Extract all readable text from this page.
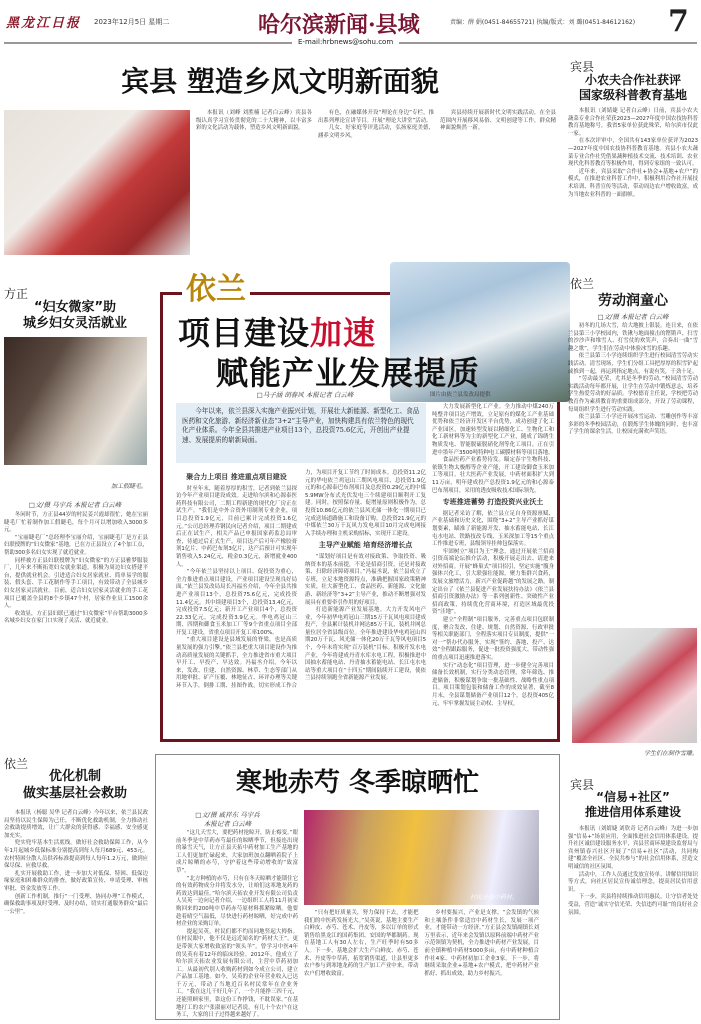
黑龙江日报 2023年12月5日 星期二	哈尔滨新闻·县域	责编：薛 娟(0451-84655721) 执编/版式：刘 璐(0451-84612162) 7
E-mail:hrbnews@sohu.com
宾县 塑造乡风文明新面貌

本报讯（刘峰 刘胜楠 记者白云峰）宾县各级认真学习宣传贯彻党的二十大精神，以丰富多彩的文化活动为载体，塑造乡风文明新面貌。

有色，在融媒体开设“理论在身边”专栏，推出系列理论宣讲节目。开展“理论大讲堂”活动。

几女、好家庭等评选活动，弘扬家庭美德，涵养文明乡风。

宾县持续开展新时代文明实践活动，在全县范围内开展移风易俗、文明创建等工作，群众精神面貌焕然一新。

方正
“妇女微家”助
城乡妇女灵活就业
加工假睫毛。
□文/摄 马宇兵 本报记者 白云峰

冬闲时节，方正县44岁的村民姜兴霞却很忙，她在宝丽睫毛厂忙着制作加工假睫毛，每个月可以增加收入3000多元。

“宝丽睫毛厂”总经理李宝丽介绍，宝丽睫毛厂是方正县妇联授牌的“妇女微家”基地，已在方正县设立了4个加工点，帮助300多名妇女实现了就近就业。

同样被方正县妇联授牌为“妇女微家”的方正县雅梦服装厂，几年来不断拓宽妇女就业渠道，积极为周边妇女搭建平台，提供就业机会。引进适合妇女居家就业、简单易学的服装、假头套、手工花制作等手工项目，有效带动了全县城乡妇女居家灵活就业。目前，适合妇女居家灵活就业的手工花项目已覆盖全县的8个乡镇47个村，居家作业员工1500余人。

收效显，方正县妇联已通过“妇女微家”平台帮助3000多名城乡妇女在家门口实现了灵活、就近就业。

依兰
项目建设加速
赋能产业发展提质
□马子涵 胡春风 本报记者 白云峰	图片由依兰县发改局提供
今年以来，依兰县深入实施产业振兴计划，开展壮大新能源、新型化工、食品医药和文化旅游、新经济新业态“3+2”主导产业，加快构建具有依兰特色的现代化产业体系。今年全县共推进产业项目13个，总投资75.6亿元，开创出产业提速、发展提质的崭新局面。
聚合力上项目 推进重点项目建设

时至年末，随着厚厚的积雪，记者到依兰县探访今年产业项目建设成效。走进哈尔滨和心源泰医药科技有限公司，二期工程新建的现代化厂房正在试生产。“我们是中外合资外用制剂专业企业，项目总投资1.9亿元，目前已累计完成投资1.6亿元。”公司总经理乔钢民向记者介绍，项目二期建成后正在试生产，相关产品已申报国家药监总局审查，待通过后正式生产。项目达产后可年产橡胶膏剂1亿片、中药巴布剂3亿片，达产后预计可实现年销售收入5.24亿元，税金0.3亿元，新增就业400人。

“今年依兰县坚持以上项目、促投资为重心，全力推进重点项目建设，产业项目建设呈现良好局面。”依兰县发改局局长冯福丞介绍，今年全县共推进产业项目13个，总投资75.6亿元，完成投资11.4亿元。其中续建项目3个，总投资13.4亿元，完成投资7.5亿元；新开工产业项目4个，总投资22.33亿元，完成投资3.9亿元。华电鸡冠山三期、四期和御食玉米加工厂等9个省重点项目全部开复工建设，省重点项目开复工率100%。

“重大项目建设是县域发展的脊梁，也是高质量发展的强力引擎。”依兰县把重大项目建设作为推动高质量发展的关键抓手，全力推进省市重大项目早开工、早投产、早达效。冯福丞介绍，今年以来，发改、住建、自然资源、林草、生态等部门从用地审批、矿产压覆、林地征占、环评办理等关键环节入手，倒排工期、挂图作战，切实形成工作合力，为项目开复工节约了时间成本。总投资11.2亿元的华电依兰鸡冠山三期风电项目、总投资1.9亿元的和心源泰巴布剂项目及总投资0.29亿元的中煤5.9MW分布式光伏发电三个续建项目顺利开工复建。同时，按照保存量、促增量原则积极作为，总投资10.86亿元的依兰县风光储一体化一期项目已完成送场道路施工和设备订购。总投资21.9亿元的中煤依兰30万千瓦风力发电项目10月完成电网接入手续办理和主机采购招标，实现开工建设。

主导产业赋能 培育经济增长点

“谋划好项目是有效对接政策、争取投资、吸纳资本的基本前提，不论是招商引资，还是对接政策、扫除经济障碍项目。”冯福丞说，依兰县成立了专班，立足本地资源特点，准确把握国家政策精神实质，壮大新型化工、食品医药、新能源、文化旅游、新经济等“3+2”主导产业，推动不断增强对发展具有重要牵引作用的好项目。

打造新能源产业发展基地。大力开发风电产业，今年初华电鸡冠山三期15万千瓦风电项目建成投产，全县累计装机并网达85万千瓦，装机并网总量位居全省县级首位。全年推进建设华电鸡冠山四期20万千瓦、风光储一体化20万千瓦等风电项目5个，今年末将实现“百万装机”目标。积极开发水电产业，今年将建成丹青水库水电工程，积极推进中国抽水蓄能电站、丹青抽水蓄能电站、长江屯水电站等重大项目在“十四五”期间陆续开工建设，使依兰县持续领跑全省新能源产业发展。

大力发展新型化工产业。全力推动中煤240万吨整井项目达产增效，立足原有的煤化工产业基础优势和依兰经济开发区平台优势，成功创建了化工产业园区，加速转型发展以精细化工、生物化工和化工新材料等为主的新型化工产业，随成了锦绣生物质发电、智能脱硫脱硝化剂等化工项目，正在引进中墨年产3500吨特种电工碳膜材料等项目落地。

食品医药产业蓄势待发。瞄定春宇生物科技、依镇生物太极醇等企业产能，开工建设御食玉米加工等项目。壮大医药产业发展，中药材面积扩大到11万亩，明年建成投产总投资1.9亿元的和心源泰巴布剂项目，采用的透皮吸收技术国际领先。

专班推进蓄势 打造投资兴业沃土

据记者采访了解，依兰县立足自身资源禀赋、产业基础和历史文化，围绕“3+2”主导产业抓好谋划要素，瞄准了新能源开发、抽水蓄能电站、长江屯水电站、铁路技改专线、玉米深加工等15个重点工作推进专班，县级领导挂帅包保落实。

牢固树立“项目为王”理念，通过开展依兰招商引资高端论坛推介活动，积极开展走出去、请进来对外招商。开展“蜂巢式”项目招引，坚定实施“腹身强体兴化工，引大联强壮能源，聚力集群兴食药，发展文旅增活力，新兴产业促跨越”的发展之路，制定出台了《依兰县促进产业发展扶持办法》《依兰县招商引资激励办法》等一系列创新性、突破性产业招商政策，持续优化营商环境，打造区域最优投资“洼地”。

建立“全程制”项目服务，完善重点项目包联制度，聚合发改、住建、规划、自然资源、行政审批等相关职能部门，全程落实项目专员制度，提供“一对一”帮办代办服务，实现“签约、落地、投产、达效”全程跟踪服务，促进一批投资强度大、带动性强的重点项目迅速推进落实。

实行“动态化”项目管理，进一步健全完善项目储备长效机制，实行分类动态管理，常年筛选、推进储备，积极谋划争取一批基础性、战略性重点项目。项目策划包装和储备工作的成效显著，截至8月末，全县谋划储备产业项目12个，总投资405亿元，牢牢掌握发展主动权、主导权。

依兰
优化机制
做实基层社会救助

本报讯（杨聪 吴华 记者白云峰）今年以来，依兰县民政局坚持以民生保障为己任，不断优化救助机制，全力推动社会救助提质增效，让广大群众的获得感、幸福感、安全感更加充实。

兜实兜牢基本生活底线。做好社会救助保障工作，从今年1月起城乡低保标准分别提高到每人每月689元、453元。农村特困分散人员供养标准提高到每人每年1.2万元，做到应保尽保、应救尽救。

扎实开展救助工作，进一步加大对低保、特困、低保边缘家庭和困难群众的排查，做好政策宣传、申请受理、审核审批、资金发放等工作。

创新工作机制，推行“一门受理、协同办理”工作模式，确保救助事项及时受理、及时办结，切实打通服务群众“最后一公里”。

寒地赤芍 冬季晾晒忙
□文/摄 戚祥东 马宇兵
本报记者 白云峰
村民分选中药材。

“这几天雪大，要把药材抢晾开，防止霉变。”眼前冬季是中草药赤芍最佳的晾晒季节，但接连出现的暴雪天气，让方正县天拓中药材加工生产基地的工人们更加忙碌起来，大家加班加点翻晒着院子上成片晾晒的赤芍，守护着这些带动增收的“致富草”。

“北方种植的赤芍，只有在冬天晾晒才能锁住它的有效药物成分并将发水分，让咱们这寒地龙药的药效达到最佳。”哈尔滨天拓农业开发有限公司负责人吴英一边向记者介绍，一边组织工人将11月初采购回来的200吨中草药赤芍原材料抓紧晾晒。他要趁着晴空气温低，尽快进行药材晾晒，好完成中药材企业的采购订单。

提起吴英，村民们都不约而同地竖起大拇指。在村民眼中，他不仅是远近闻名的“药材大王”，更是带领大家增收致富的“领头羊”。曾学习中医4年的吴英有着12年的临床经验。2012年，他成立了哈尔滨天拓农业发展有限公司，主营中草药初加工。从最初代别人收购药材到如今成立公司，建立产品加工基地。如今，吴英的企业年营业收入已达千万元，带动了当地近百名村民常年在企业务工。“我在这儿干好几年了，一个月能挣三四千元，还能照顾家里，靠这份工作挣钱，不耽误家。”在基地打工的农户张淑丽对记者说，有几十个农户在这务工，大家的日子过得越来越好了。

“只有把好质量关，努力保持下去，才能把我们的中医药发扬光大。”吴英说，基地主要生产白鲜皮、赤芍、苍术、丹皮等，多以订单的形式销售给黑龙江的国药集团、安国的华都制药。现在基地工人有30人左右，生产旺季时有50多人。下一步，基地会扩大生产白鲜皮、赤芍、苍术、丹皮等中草药，拓宽销售渠道，让县里更多农户参与到寒地龙药的生产加工产业中来，带动农户们增收致富。

乡村要振兴，产业是支撑。“会发镇的气候和土壤条件非常适宜中药材生长，发展一项产业，才能带动一方经济。”方正县会发镇副镇长刘万里表示，近年来会发镇以原料前端中药材产业示范领镇为契机，全力推进中药材产业发展，目前全镇种植中药材5000多亩，有中药材种植合作社4家、中药材初加工企业3家。下一步，将继续采取企业+基地+农户模式，把中药材产业抓好、抓出成效，助力乡村振兴。

宾县
小农夫合作社获评
国家级科普教育基地

本报讯（刘婧婕 记者白云峰）日前，宾县小农夫蔬菜专业合作社荣获2023—2027年度中国农技协科普教育基地称号，我省5家单位获此殊荣，哈尔滨市仅此一家。

在本次评审中，全国共有143家单位获评为2023—2027年度中国农技协科普教育基地。宾县小农夫蔬菜专业合作社凭借果蔬种植技术交流、技术培训、农业现代化科普教育等积极作用，得到专家组的一致认可。

近年来，宾县采取“合作社+协会+基地+农户”的模式，在推进农业科普工作中，积极利用合作社开展技术培训、科普宣传等活动，带动周边农户增收致富，成为当地农业科普的一面旗帜。

依兰
劳动润童心
□文/摄 本报记者 白云峰

初冬的几场大雪，给大地披上银装。连日来，在依兰县第三小学校园内，铁锹与地面撞击的铿锵声、扫雪的沙沙声和堆雪人、打雪仗的欢笑声，合奏出一曲“雪趣之歌”，学生们在劳动中体验冰雪的乐趣。

依兰县第三小学连续组织学生进行校园清雪劳动实践活动。清雪现场，学生们分组工具把厚厚的积雪铲起或推到一起，再运到指定地点，有说有笑，干劲十足。

“劳动最光荣，尤其是冬季的劳动。”校园清雪劳动实践活动每年都开展，让学生在劳动中锻炼意志，培养学生热爱劳动的好品质。学校德育主任说，学校把劳动教育作为素质教育的重要组成部分，开设了劳动课程，每周组织学生进行劳动实践。

依兰县第三小学还开展冰雪运动、雪雕创作等丰富多彩的冬季校园活动，在锻炼学生体魄的同时，也丰富了学生的课余生活，让校园充满欢声笑语。

学生们在制作雪雕。
宾县
“信易+社区”
推进信用体系建设

本报讯（刘婧婕 刘欣奇 记者白云峰）为进一步加强“信易+”场景应用，全面推进社会信用体系建设，提升社区诚信建设服务水平，宾县营商环境建设监督局与宾州镇春兴社区开展了“信易+社区”活动，共同构建“覆盖全社区、全民共参与”的社会信用体系，营造文明诚信的社区氛围。

活动中，工作人员通过发放宣传单、讲解信用知识等方式，向社区居民宣传诚信理念，提高居民信用意识。

下一步，宾县将持续推动信用惠民，让守信者处处受益，营造“诚实守信光荣、失信违约可耻”的良好社会氛围。
